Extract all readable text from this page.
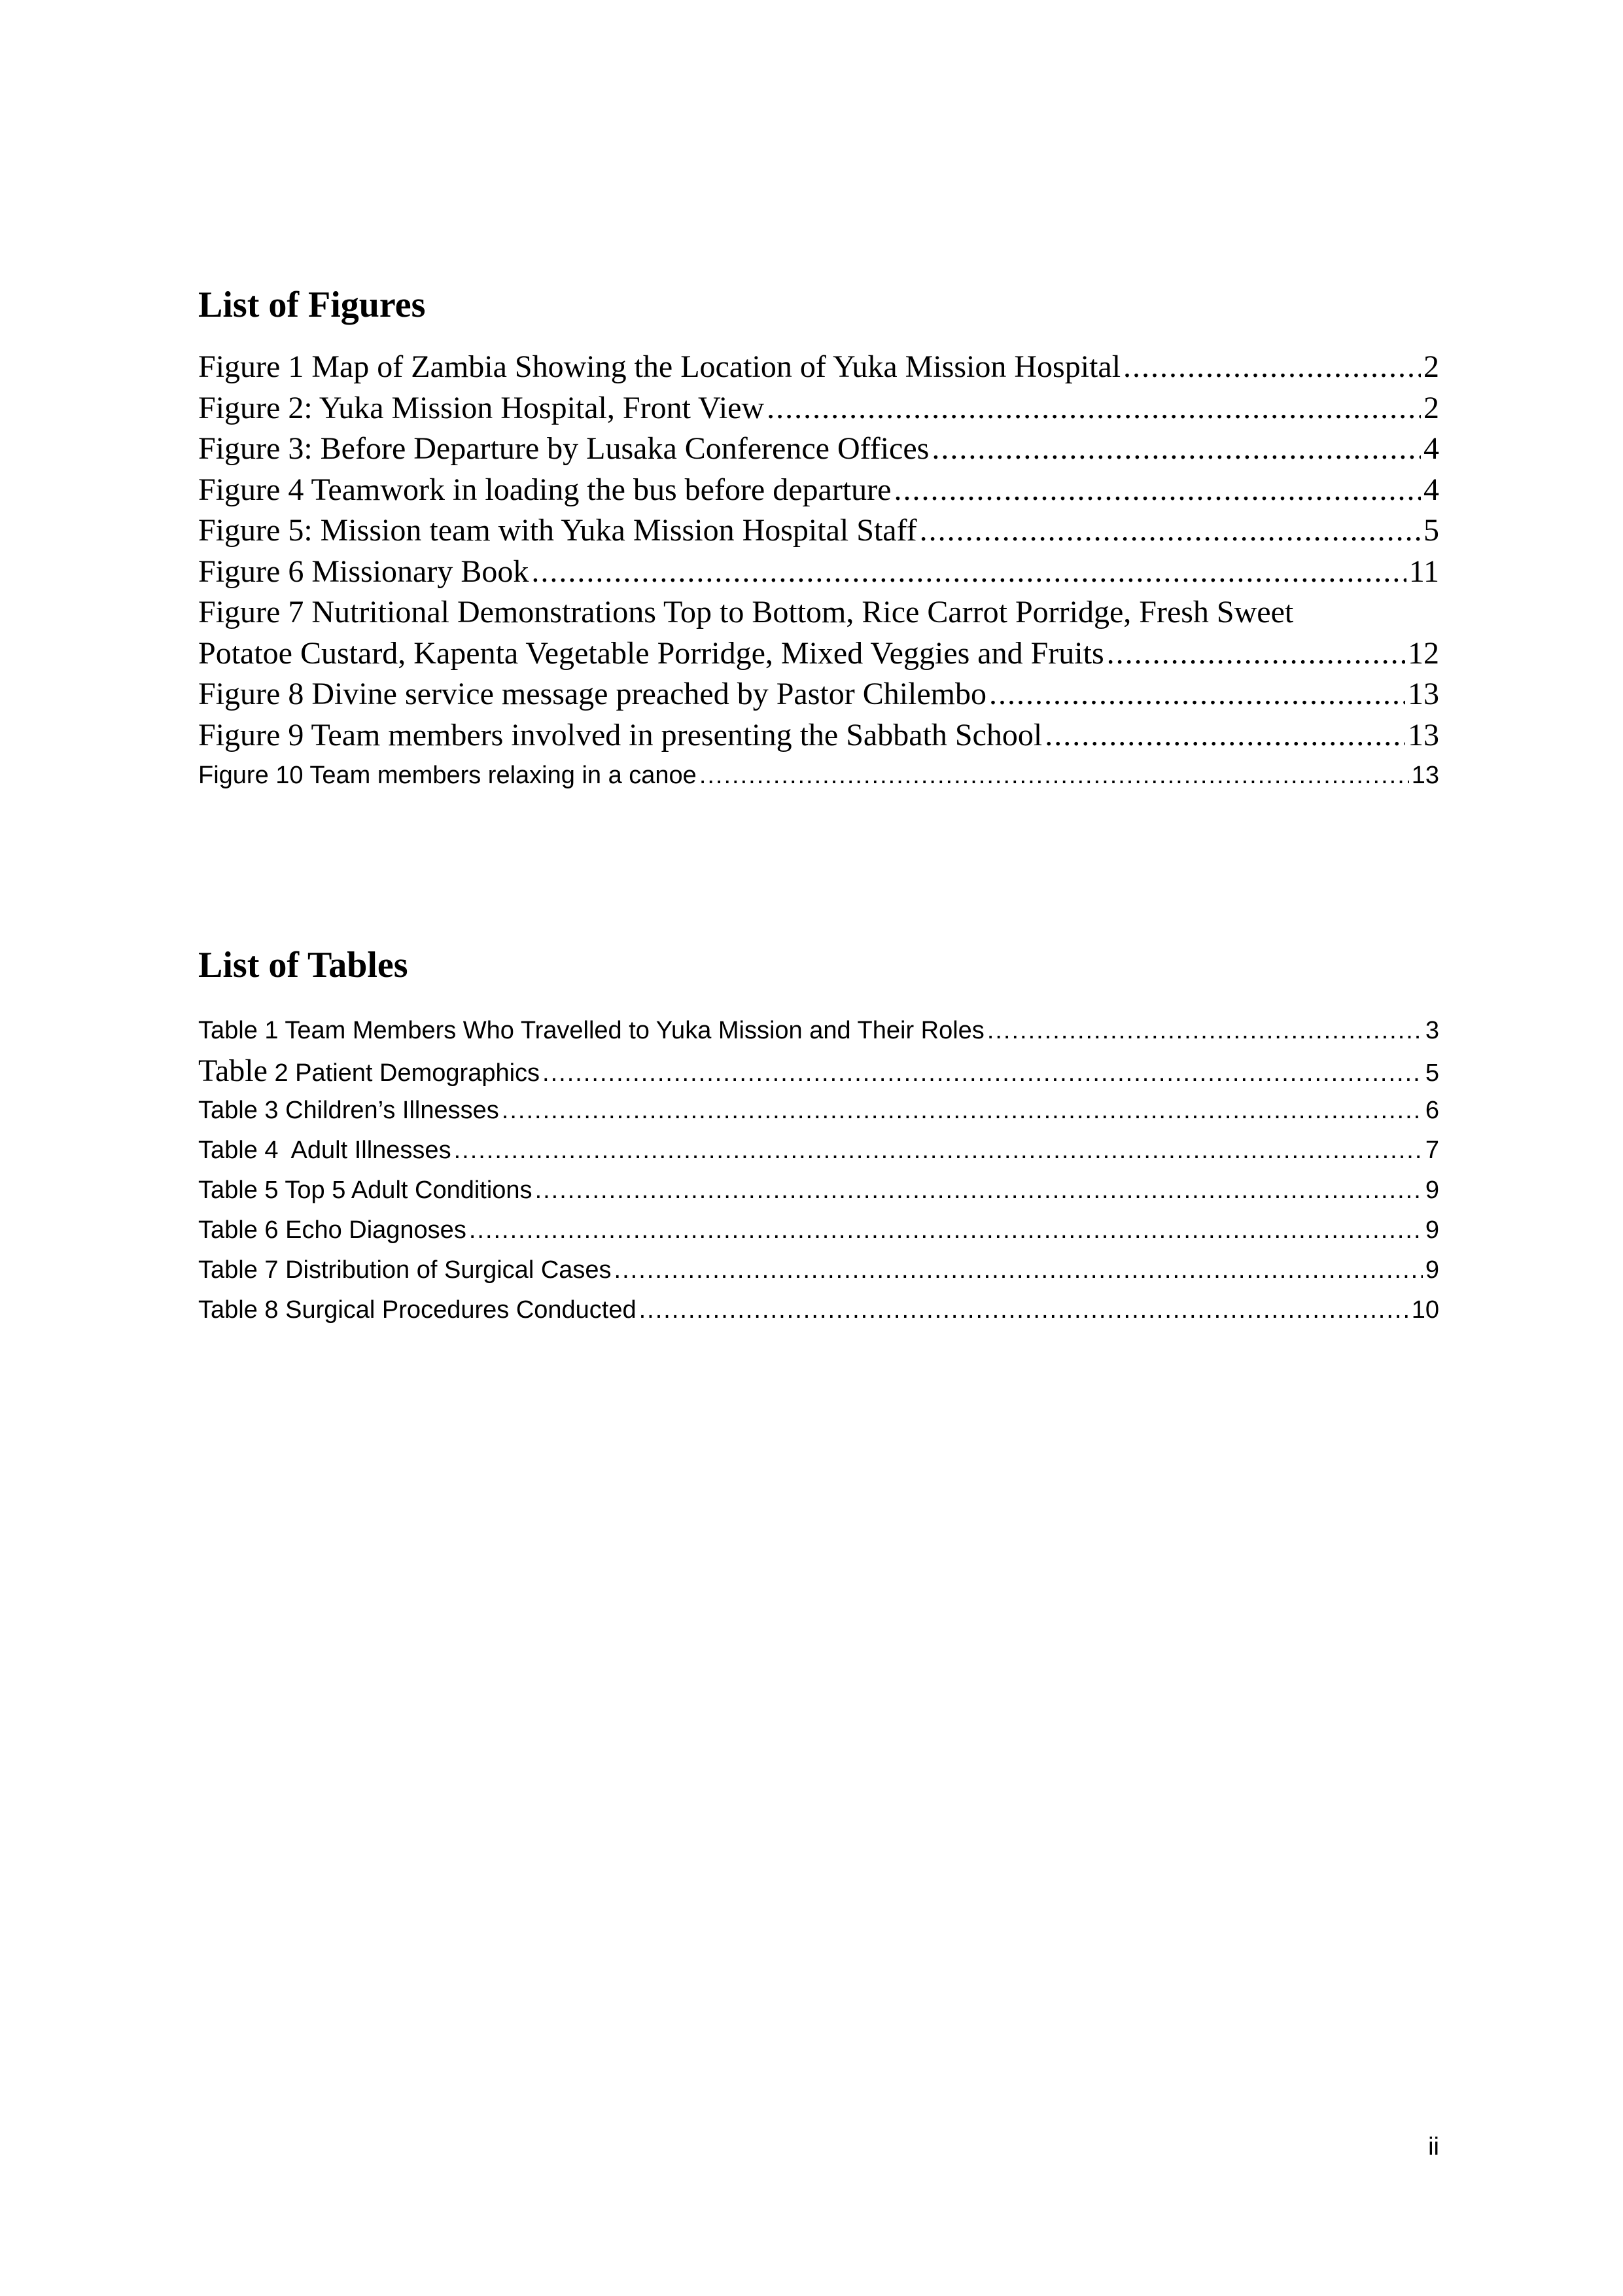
List of Figures
Figure 1 Map of Zambia Showing the Location of Yuka Mission Hospital .....	2
Figure 2: Yuka Mission Hospital, Front View .....	2
Figure 3: Before Departure by Lusaka Conference Offices .....	4
Figure 4 Teamwork in loading the bus before departure .....	4
Figure 5: Mission team with Yuka Mission Hospital Staff .....	5
Figure 6 Missionary Book .....	11
Figure 7 Nutritional Demonstrations Top to Bottom, Rice Carrot Porridge, Fresh Sweet
Potatoe Custard, Kapenta Vegetable Porridge, Mixed Veggies and Fruits .....	12
Figure 8 Divine service message preached by Pastor Chilembo .....	13
Figure 9 Team members involved in presenting the Sabbath School .....	13
Figure 10 Team members relaxing in a canoe .....	13
List of Tables
Table 1 Team Members Who Travelled to Yuka Mission and Their Roles .....	3
Table 2 Patient Demographics .....	5
Table 3 Children’s Illnesses .....	6
Table 4  Adult Illnesses .....	7
Table 5 Top 5 Adult Conditions .....	9
Table 6 Echo Diagnoses .....	9
Table 7 Distribution of Surgical Cases .....	9
Table 8 Surgical Procedures Conducted .....	10
ii
